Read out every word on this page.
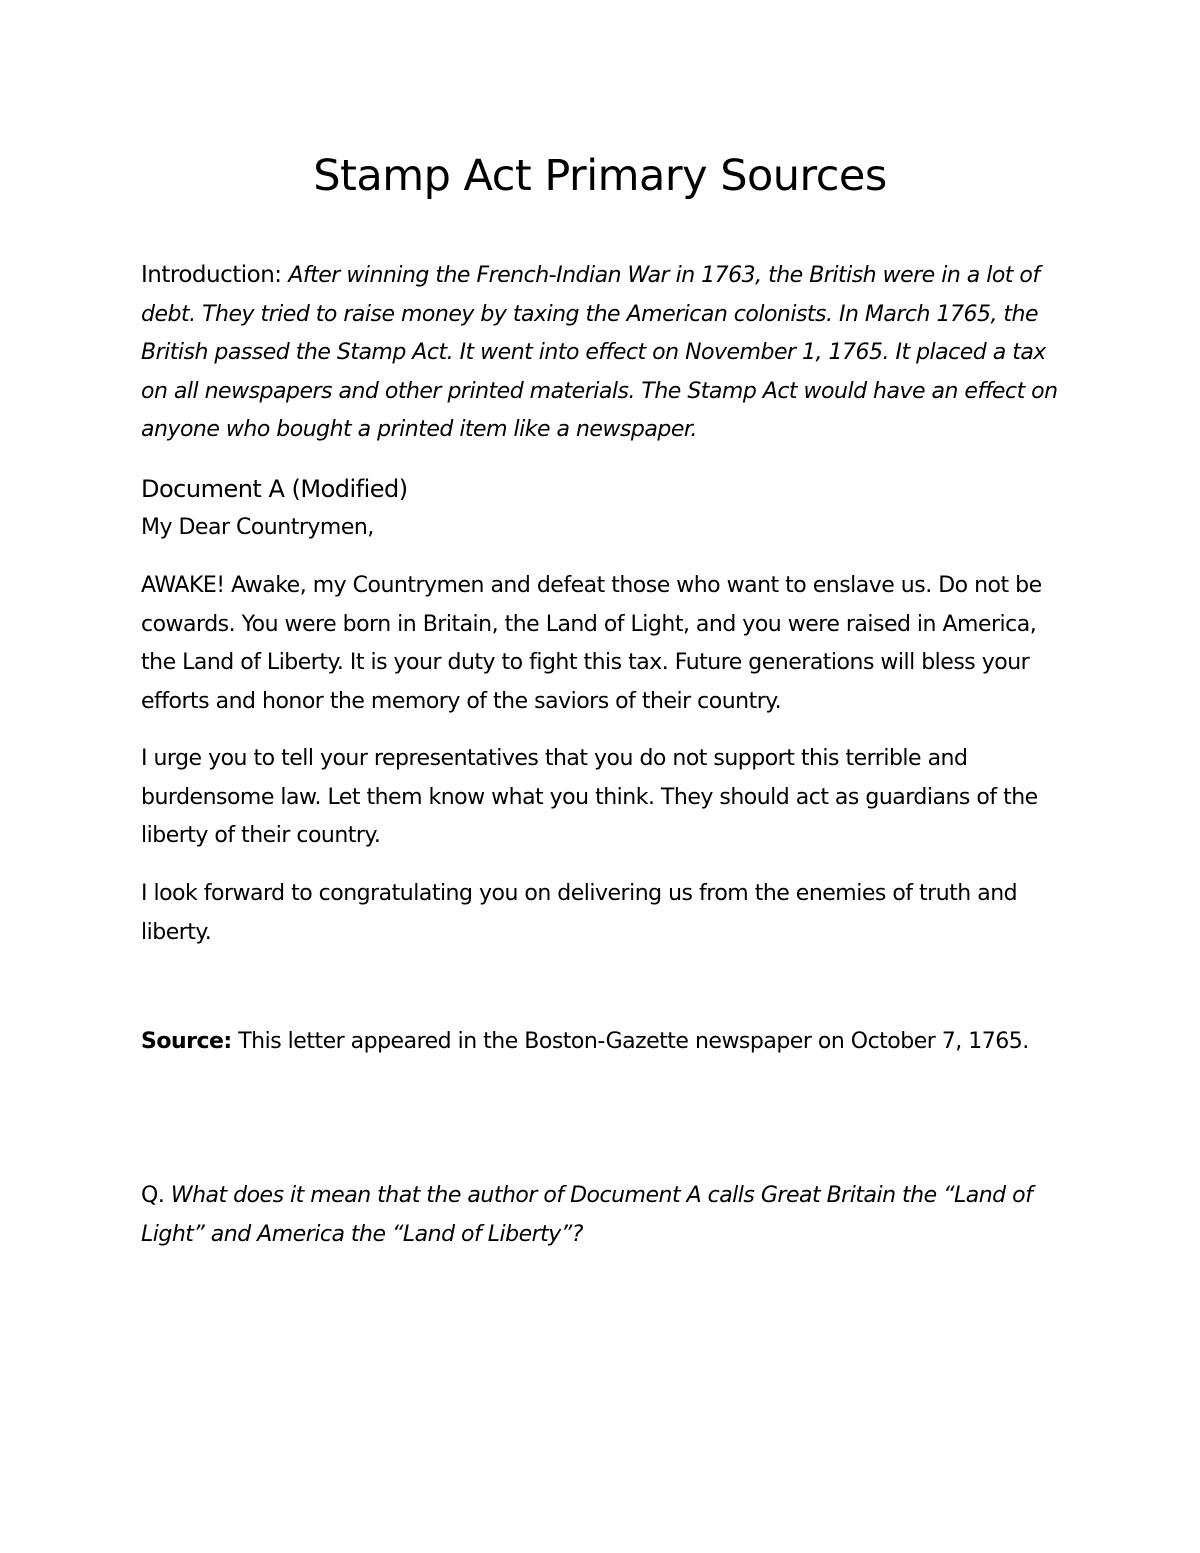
Stamp Act Primary Sources
Introduction: After winning the French-Indian War in 1763, the British were in a lot of debt. They tried to raise money by taxing the American colonists. In March 1765, the British passed the Stamp Act. It went into effect on November 1, 1765. It placed a tax on all newspapers and other printed materials. The Stamp Act would have an effect on anyone who bought a printed item like a newspaper.
Document A (Modified)
My Dear Countrymen,
AWAKE! Awake, my Countrymen and defeat those who want to enslave us. Do not be cowards. You were born in Britain, the Land of Light, and you were raised in America, the Land of Liberty. It is your duty to fight this tax. Future generations will bless your efforts and honor the memory of the saviors of their country.
I urge you to tell your representatives that you do not support this terrible and burdensome law. Let them know what you think. They should act as guardians of the liberty of their country.
I look forward to congratulating you on delivering us from the enemies of truth and liberty.
Source: This letter appeared in the Boston-Gazette newspaper on October 7, 1765.
Q. What does it mean that the author of Document A calls Great Britain the “Land of Light” and America the “Land of Liberty”?
